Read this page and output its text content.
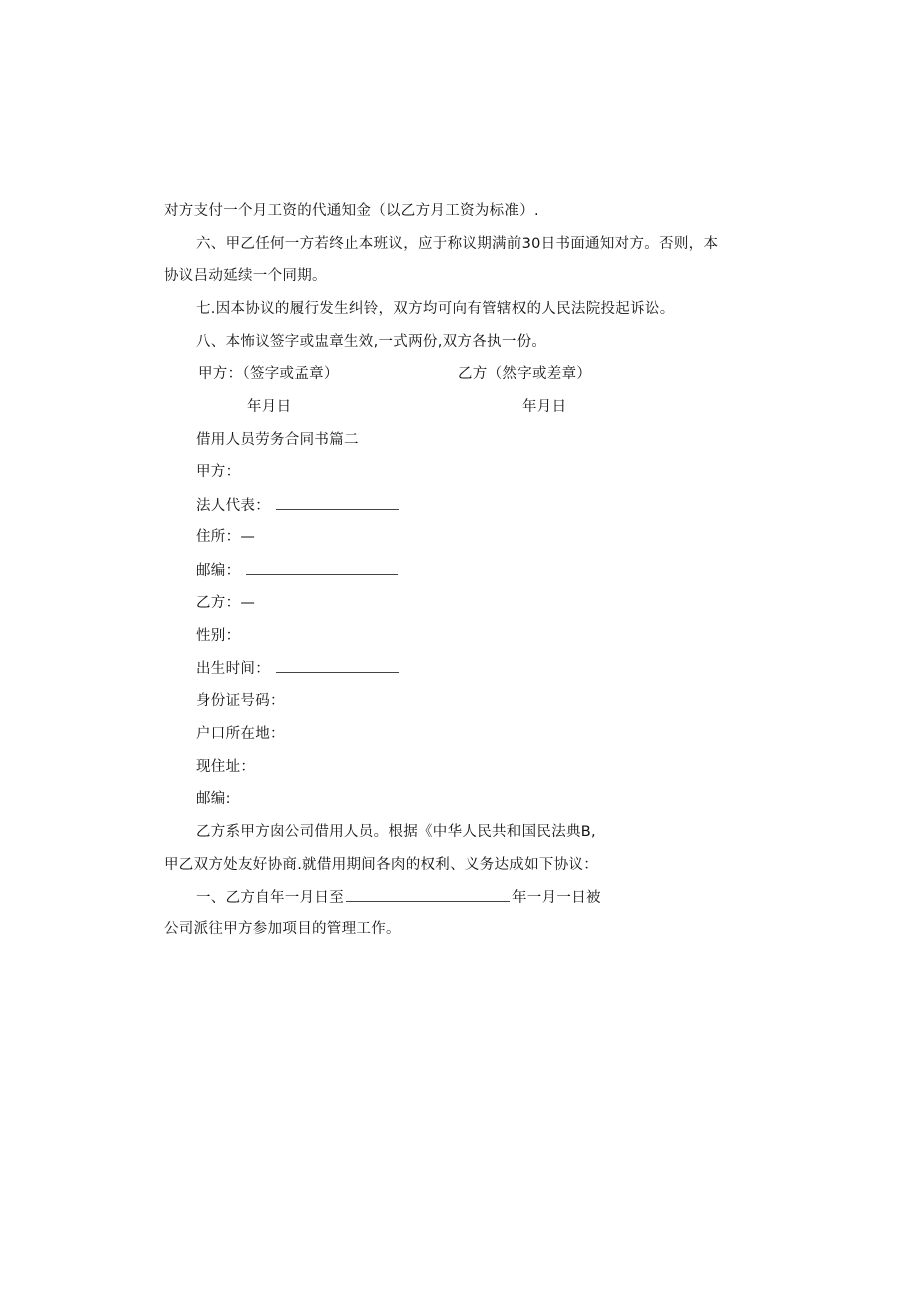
对方支付一个月工资的代通知金（以乙方月工资为标准）.
六、甲乙任何一方若终止本班议，应于称议期满前30日书面通知对方。否则，本
协议吕动延续一个同期。
七.因本协议的履行发生纠铃，双方均可向有管辖权的人民法院投起诉讼。
八、本怖议签字或盅章生效,一式两份,双方各执一份。
甲方：（签字或孟章）	乙方（然字或差章）
年月日	年月日
借用人员劳务合同书篇二
甲方：
法人代表：
住所：—
邮编：
乙方：—
性别：
出生时间：
身份证号码：
户口所在地：
现住址：
邮编:
乙方系甲方囱公司借用人员。根据《中华人民共和国民法典B,
甲乙双方处友好协商.就借用期间各肉的权利、义务达成如下协议：
一、乙方自年一月日至	年一月一日被
公司派往甲方参加项目的管理工作。
